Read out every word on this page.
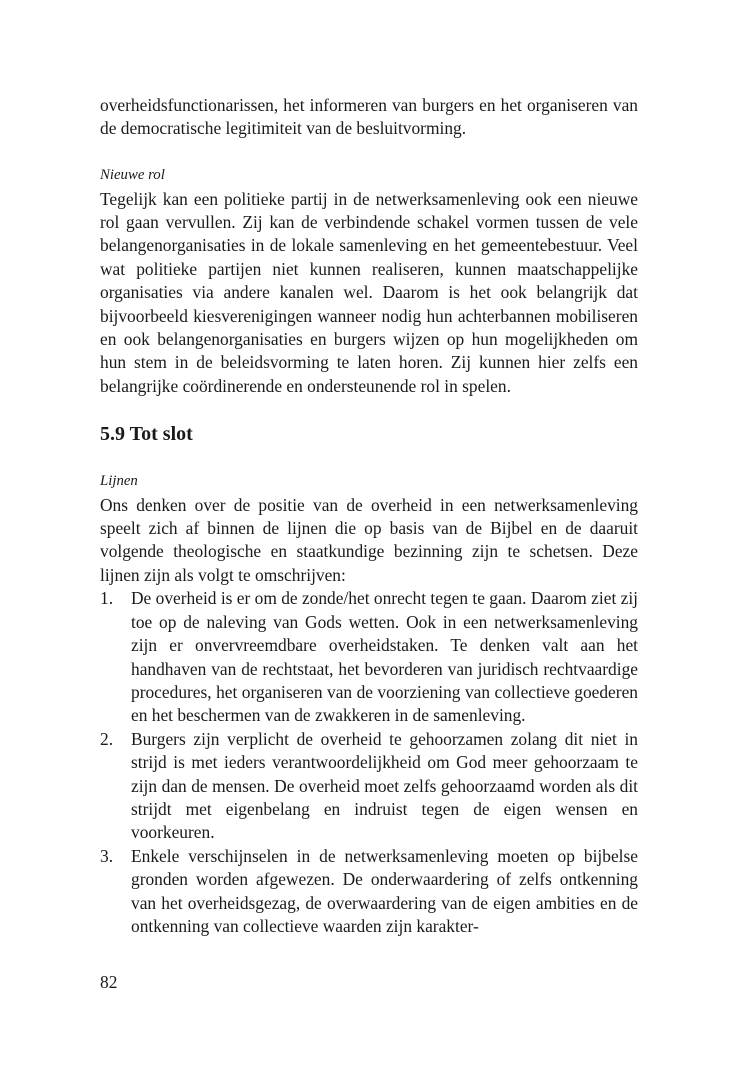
overheidsfunctionarissen, het informeren van burgers en het organiseren van de democratische legitimiteit van de besluitvorming.

Nieuwe rol

Tegelijk kan een politieke partij in de netwerksamenleving ook een nieuwe rol gaan vervullen. Zij kan de verbindende schakel vormen tussen de vele belangenorganisaties in de lokale samenleving en het gemeentebestuur. Veel wat politieke partijen niet kunnen realiseren, kunnen maatschappelijke organisaties via andere kanalen wel. Daarom is het ook belangrijk dat bijvoorbeeld kiesverenigingen wanneer nodig hun achterbannen mobiliseren en ook belangenorganisaties en burgers wijzen op hun mogelijkheden om hun stem in de beleidsvorming te laten horen. Zij kunnen hier zelfs een belangrijke coördinerende en ondersteunende rol in spelen.

5.9 Tot slot

Lijnen

Ons denken over de positie van de overheid in een netwerksamenleving speelt zich af binnen de lijnen die op basis van de Bijbel en de daaruit volgende theologische en staatkundige bezinning zijn te schetsen. Deze lijnen zijn als volgt te omschrijven:

1. De overheid is er om de zonde/het onrecht tegen te gaan. Daarom ziet zij toe op de naleving van Gods wetten. Ook in een netwerksamenleving zijn er onvervreemdbare overheidstaken. Te denken valt aan het handhaven van de rechtstaat, het bevorderen van juridisch rechtvaardige procedures, het organiseren van de voorziening van collectieve goederen en het beschermen van de zwakkeren in de samenleving.
2. Burgers zijn verplicht de overheid te gehoorzamen zolang dit niet in strijd is met ieders verantwoordelijkheid om God meer gehoorzaam te zijn dan de mensen. De overheid moet zelfs gehoorzaamd worden als dit strijdt met eigenbelang en indruist tegen de eigen wensen en voorkeuren.
3. Enkele verschijnselen in de netwerksamenleving moeten op bijbelse gronden worden afgewezen. De onderwaardering of zelfs ontkenning van het overheidsgezag, de overwaardering van de eigen ambities en de ontkenning van collectieve waarden zijn karakter-
82
